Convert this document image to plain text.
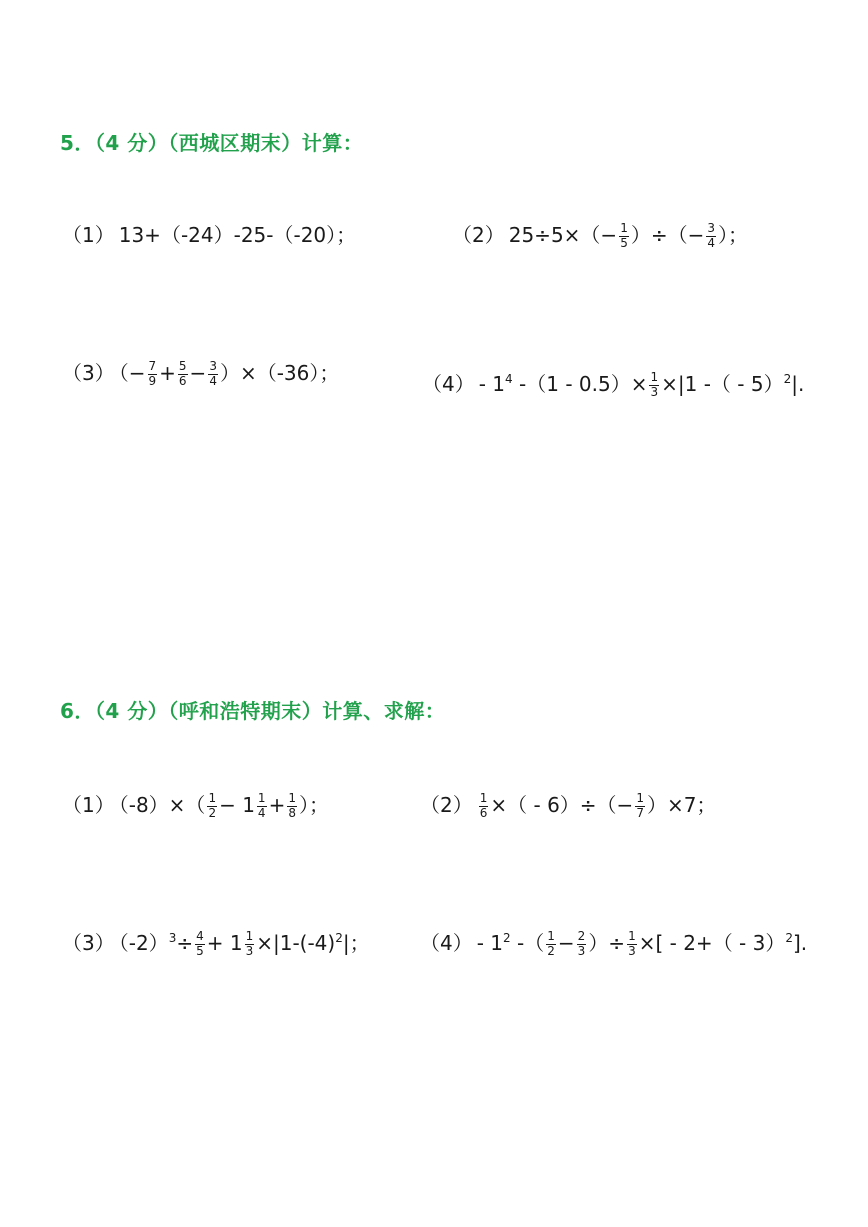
5．（4 分）（西城区期末）计算：
（1） 13+（-24）-25-（-20）；	（2） $25\div 5\times(- \frac{1}{5}$ ）÷（− $\frac{3}{4}$ ）；
（3） （− $\frac{7}{9} + \frac{5}{6} - \frac{3}{4} )\times(-36)$；	$(4) - 1^4$ $-(1 - 0.5)\times \frac{1}{3} \times|1$ -（ - 5）$^2$|.
6．（4 分）（呼和浩特期末）计算、求解：
（1） $(-8)\times( \frac{1}{2} - 1 \frac{1}{4} + \frac{1}{8}$ ）；	$(2) \frac{1}{6}$ ×（ - $6)\div(- \frac{1}{7} )\times 7$；
（3） $(-2)^3\div \frac{4}{5} + 1 \frac{1}{3} \times|1-(-4)^2|$；	$(4) - 1^2$ -（ $\frac{1}{2} - \frac{2}{3}$ ）÷ $\frac{1}{3}$ ×[ - 2+（ - 3）$^2$].
